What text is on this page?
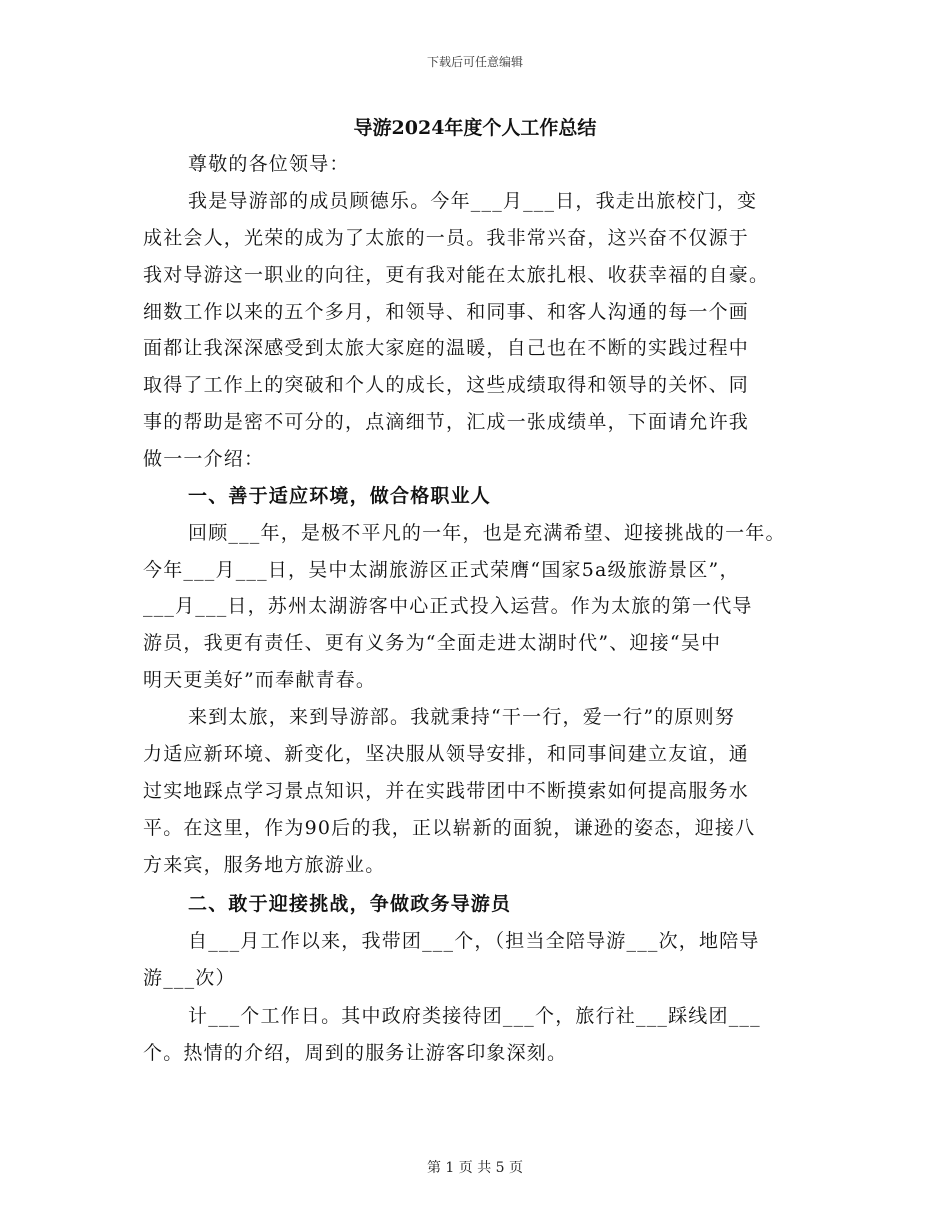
下载后可任意编辑
导游2024年度个人工作总结
尊敬的各位领导：
我是导游部的成员顾德乐。今年___月___日，我走出旅校门，变
成社会人，光荣的成为了太旅的一员。我非常兴奋，这兴奋不仅源于
我对导游这一职业的向往，更有我对能在太旅扎根、收获幸福的自豪。
细数工作以来的五个多月，和领导、和同事、和客人沟通的每一个画
面都让我深深感受到太旅大家庭的温暖，自己也在不断的实践过程中
取得了工作上的突破和个人的成长，这些成绩取得和领导的关怀、同
事的帮助是密不可分的，点滴细节，汇成一张成绩单，下面请允许我
做一一介绍：
一、善于适应环境，做合格职业人
回顾___年，是极不平凡的一年，也是充满希望、迎接挑战的一年。
今年___月___日，吴中太湖旅游区正式荣膺“国家5a级旅游景区”，
___月___日，苏州太湖游客中心正式投入运营。作为太旅的第一代导
游员，我更有责任、更有义务为“全面走进太湖时代”、迎接“吴中
明天更美好”而奉献青春。
来到太旅，来到导游部。我就秉持“干一行，爱一行”的原则努
力适应新环境、新变化，坚决服从领导安排，和同事间建立友谊，通
过实地踩点学习景点知识，并在实践带团中不断摸索如何提高服务水
平。在这里，作为90后的我，正以崭新的面貌，谦逊的姿态，迎接八
方来宾，服务地方旅游业。
二、敢于迎接挑战，争做政务导游员
自___月工作以来，我带团___个，（担当全陪导游___次，地陪导
游___次）
计___个工作日。其中政府类接待团___个，旅行社___踩线团___
个。热情的介绍，周到的服务让游客印象深刻。
第 1 页 共 5 页
